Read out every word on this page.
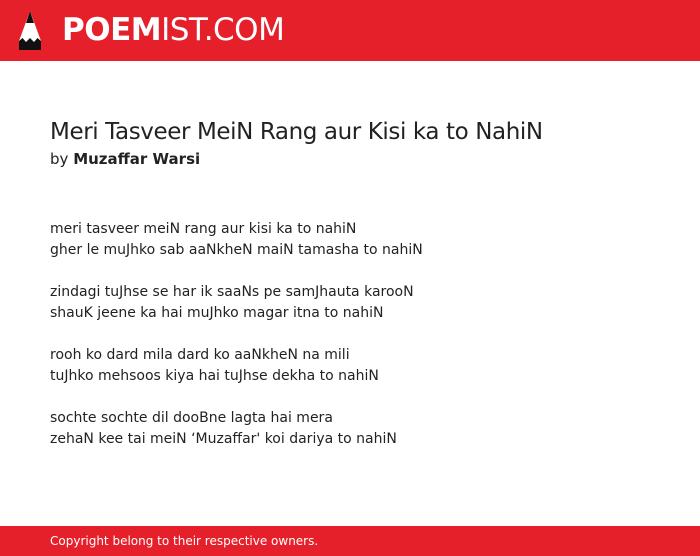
POEMIST.COM
Meri Tasveer MeiN Rang aur Kisi ka to NahiN
by Muzaffar Warsi
meri tasveer meiN rang aur kisi ka to nahiN
gher le muJhko sab aaNkheN maiN tamasha to nahiN
zindagi tuJhse se har ik saaNs pe samJhauta karooN
shauK jeene ka hai muJhko magar itna to nahiN
rooh ko dard mila dard ko aaNkheN na mili
tuJhko mehsoos kiya hai tuJhse dekha to nahiN
sochte sochte dil dooBne lagta hai mera
zehaN kee tai meiN ‘Muzaffar' koi dariya to nahiN
Copyright belong to their respective owners.
